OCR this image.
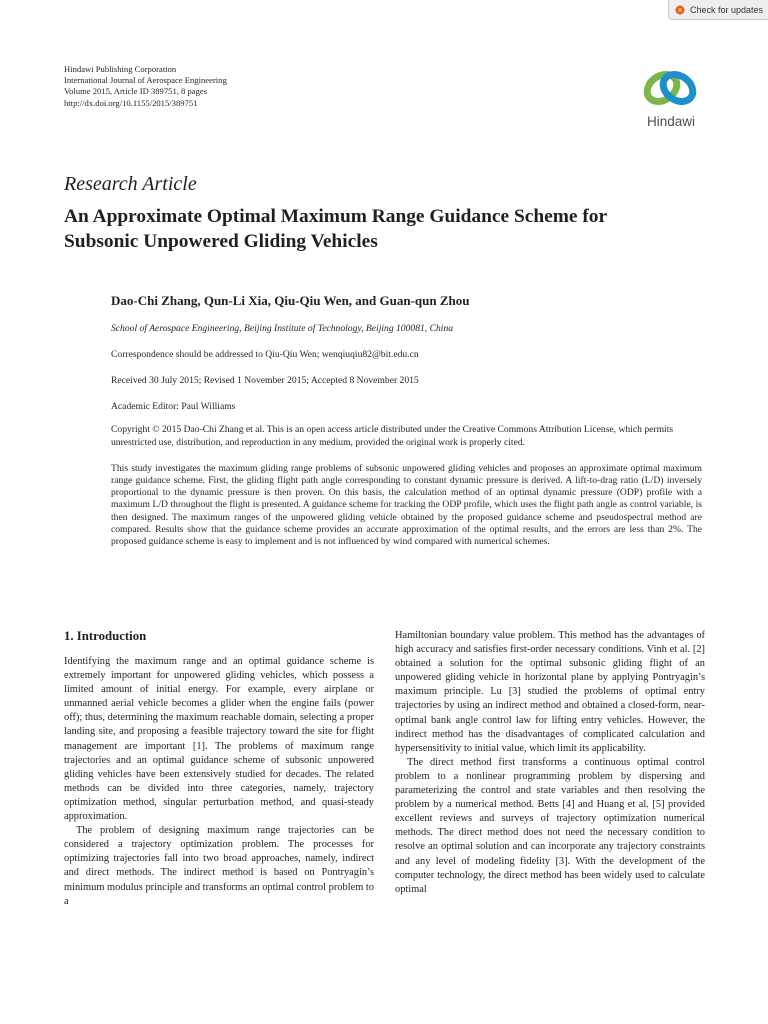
Check for updates
Hindawi Publishing Corporation
International Journal of Aerospace Engineering
Volume 2015, Article ID 389751, 8 pages
http://dx.doi.org/10.1155/2015/389751
Hindawi
Research Article
An Approximate Optimal Maximum Range Guidance Scheme for Subsonic Unpowered Gliding Vehicles
Dao-Chi Zhang, Qun-Li Xia, Qiu-Qiu Wen, and Guan-qun Zhou
School of Aerospace Engineering, Beijing Institute of Technology, Beijing 100081, China
Correspondence should be addressed to Qiu-Qiu Wen; wenqiuqiu82@bit.edu.cn
Received 30 July 2015; Revised 1 November 2015; Accepted 8 November 2015
Academic Editor: Paul Williams
Copyright © 2015 Dao-Chi Zhang et al. This is an open access article distributed under the Creative Commons Attribution License, which permits unrestricted use, distribution, and reproduction in any medium, provided the original work is properly cited.
This study investigates the maximum gliding range problems of subsonic unpowered gliding vehicles and proposes an approximate optimal maximum range guidance scheme. First, the gliding flight path angle corresponding to constant dynamic pressure is derived. A lift-to-drag ratio (L/D) inversely proportional to the dynamic pressure is then proven. On this basis, the calculation method of an optimal dynamic pressure (ODP) profile with a maximum L/D throughout the flight is presented. A guidance scheme for tracking the ODP profile, which uses the flight path angle as control variable, is then designed. The maximum ranges of the unpowered gliding vehicle obtained by the proposed guidance scheme and pseudospectral method are compared. Results show that the guidance scheme provides an accurate approximation of the optimal results, and the errors are less than 2%. The proposed guidance scheme is easy to implement and is not influenced by wind compared with numerical schemes.
1. Introduction

Identifying the maximum range and an optimal guidance scheme is extremely important for unpowered gliding vehicles, which possess a limited amount of initial energy. For example, every airplane or unmanned aerial vehicle becomes a glider when the engine fails (power off); thus, determining the maximum reachable domain, selecting a proper landing site, and proposing a feasible trajectory toward the site for flight management are important [1]. The problems of maximum range trajectories and an optimal guidance scheme of subsonic unpowered gliding vehicles have been extensively studied for decades. The related methods can be divided into three categories, namely, trajectory optimization method, singular perturbation method, and quasi-steady approximation.

The problem of designing maximum range trajectories can be considered a trajectory optimization problem. The processes for optimizing trajectories fall into two broad approaches, namely, indirect and direct methods. The indirect method is based on Pontryagin’s minimum modulus principle and transforms an optimal control problem to a

Hamiltonian boundary value problem. This method has the advantages of high accuracy and satisfies first-order necessary conditions. Vinh et al. [2] obtained a solution for the optimal subsonic gliding flight of an unpowered gliding vehicle in horizontal plane by applying Pontryagin’s maximum principle. Lu [3] studied the problems of optimal entry trajectories by using an indirect method and obtained a closed-form, near-optimal bank angle control law for lifting entry vehicles. However, the indirect method has the disadvantages of complicated calculation and hypersensitivity to initial value, which limit its applicability.

The direct method first transforms a continuous optimal control problem to a nonlinear programming problem by dispersing and parameterizing the control and state variables and then resolving the problem by a numerical method. Betts [4] and Huang et al. [5] provided excellent reviews and surveys of trajectory optimization numerical methods. The direct method does not need the necessary condition to resolve an optimal solution and can incorporate any trajectory constraints and any level of modeling fidelity [3]. With the development of the computer technology, the direct method has been widely used to calculate optimal
